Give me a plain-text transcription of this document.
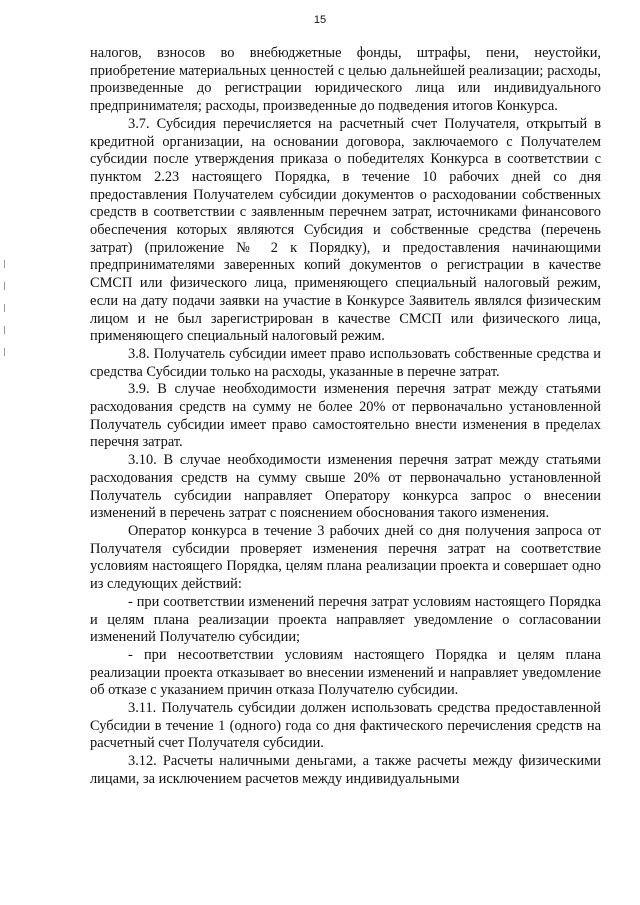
15

налогов, взносов во внебюджетные фонды, штрафы, пени, неустойки, приобретение материальных ценностей с целью дальнейшей реализации; расходы, произведенные до регистрации юридического лица или индивидуального предпринимателя; расходы, произведенные до подведения итогов Конкурса.

3.7. Субсидия перечисляется на расчетный счет Получателя, открытый в кредитной организации, на основании договора, заключаемого с Получателем субсидии после утверждения приказа о победителях Конкурса в соответствии с пунктом 2.23 настоящего Порядка, в течение 10 рабочих дней со дня предоставления Получателем субсидии документов о расходовании собственных средств в соответствии с заявленным перечнем затрат, источниками финансового обеспечения которых являются Субсидия и собственные средства (перечень затрат) (приложение № 2 к Порядку), и предоставления начинающими предпринимателями заверенных копий документов о регистрации в качестве СМСП или физического лица, применяющего специальный налоговый режим, если на дату подачи заявки на участие в Конкурсе Заявитель являлся физическим лицом и не был зарегистрирован в качестве СМСП или физического лица, применяющего специальный налоговый режим.

3.8. Получатель субсидии имеет право использовать собственные средства и средства Субсидии только на расходы, указанные в перечне затрат.

3.9. В случае необходимости изменения перечня затрат между статьями расходования средств на сумму не более 20% от первоначально установленной Получатель субсидии имеет право самостоятельно внести изменения в пределах перечня затрат.

3.10. В случае необходимости изменения перечня затрат между статьями расходования средств на сумму свыше 20% от первоначально установленной Получатель субсидии направляет Оператору конкурса запрос о внесении изменений в перечень затрат с пояснением обоснования такого изменения.

Оператор конкурса в течение 3 рабочих дней со дня получения запроса от Получателя субсидии проверяет изменения перечня затрат на соответствие условиям настоящего Порядка, целям плана реализации проекта и совершает одно из следующих действий:

- при соответствии изменений перечня затрат условиям настоящего Порядка и целям плана реализации проекта направляет уведомление о согласовании изменений Получателю субсидии;

- при несоответствии условиям настоящего Порядка и целям плана реализации проекта отказывает во внесении изменений и направляет уведомление об отказе с указанием причин отказа Получателю субсидии.

3.11. Получатель субсидии должен использовать средства предоставленной Субсидии в течение 1 (одного) года со дня фактического перечисления средств на расчетный счет Получателя субсидии.

3.12. Расчеты наличными деньгами, а также расчеты между физическими лицами, за исключением расчетов между индивидуальными
